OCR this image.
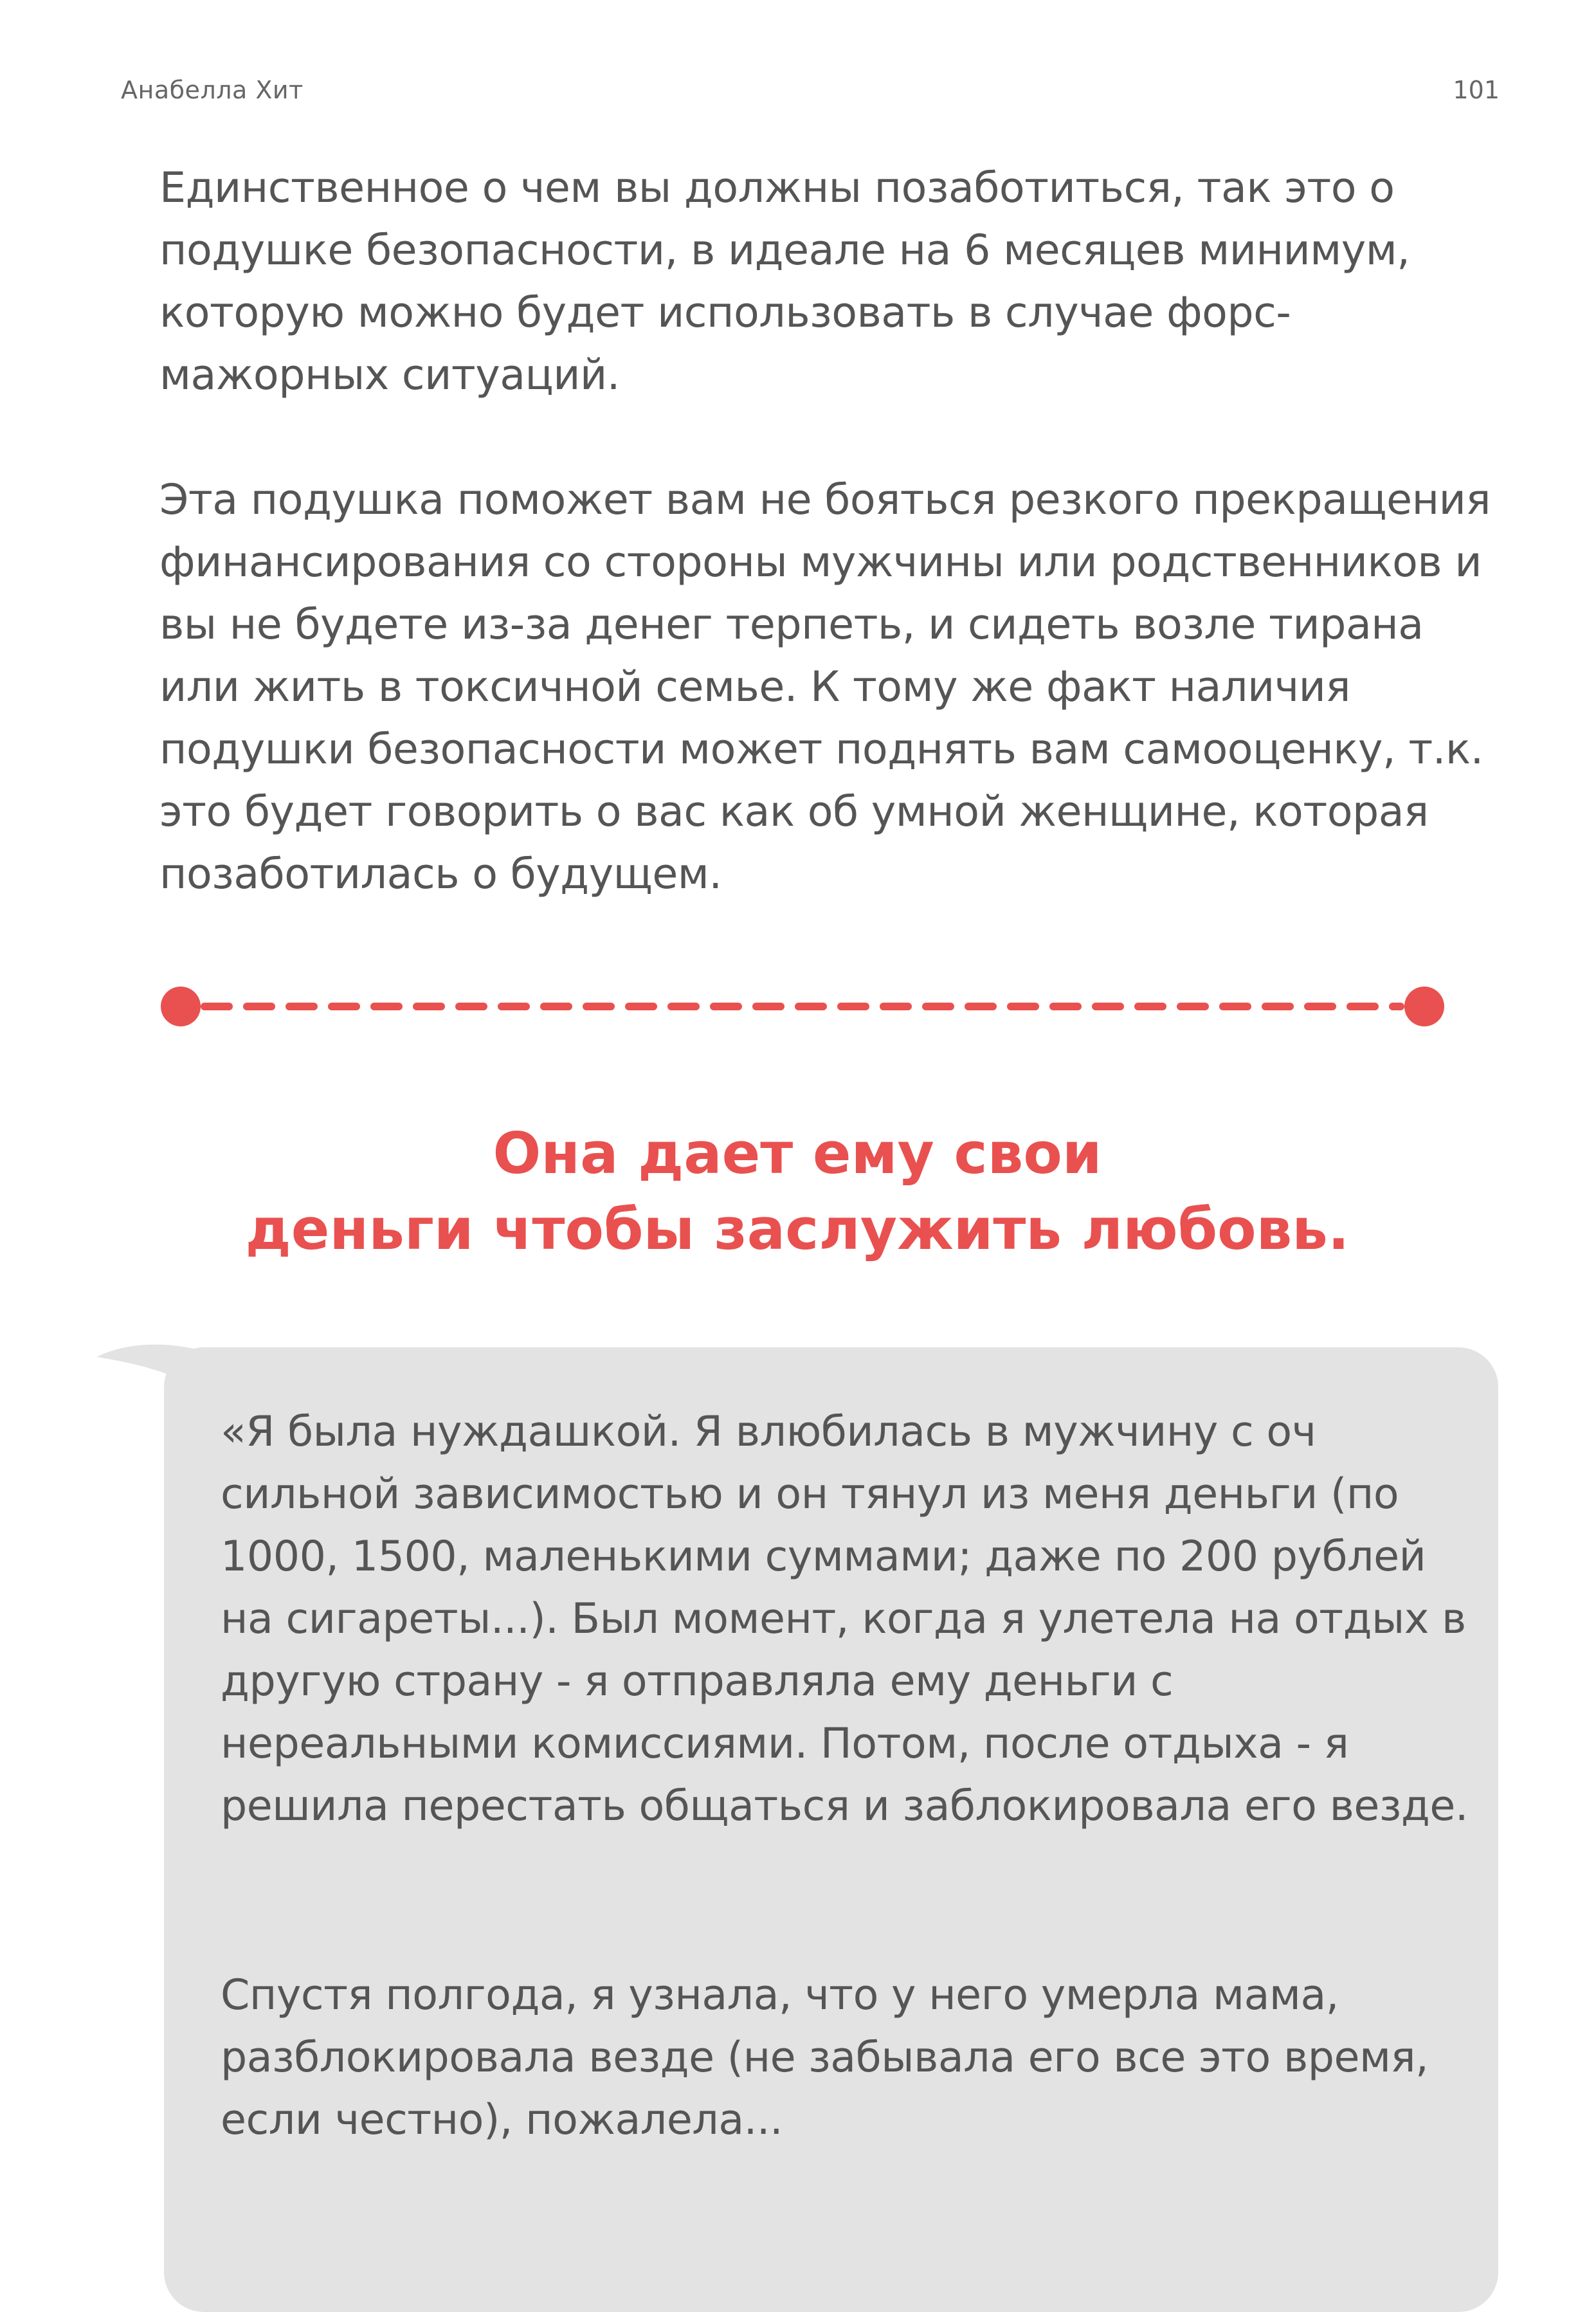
Анабелла Хит	101

Единственное о чем вы должны позаботиться, так это о подушке безопасности, в идеале на 6 месяцев минимум, которую можно будет использовать в случае форс-мажорных ситуаций.

Эта подушка поможет вам не бояться резкого прекращения финансирования со стороны мужчины или родственников и вы не будете из-за денег терпеть, и сидеть возле тирана или жить в токсичной семье. К тому же факт наличия подушки безопасности может поднять вам самооценку, т.к. это будет говорить о вас как об умной женщине, которая позаботилась о будущем.

Она дает ему свои
деньги чтобы заслужить любовь.

«Я была нуждашкой. Я влюбилась в мужчину с оч сильной зависимостью и он тянул из меня деньги (по 1000, 1500, маленькими суммами; даже по 200 рублей на сигареты...). Был момент, когда я улетела на отдых в другую страну - я отправляла ему деньги с нереальными комиссиями. Потом, после отдыха - я решила перестать общаться и заблокировала его везде.

Спустя полгода, я узнала, что у него умерла мама, разблокировала везде (не забывала его все это время, если честно), пожалела...
